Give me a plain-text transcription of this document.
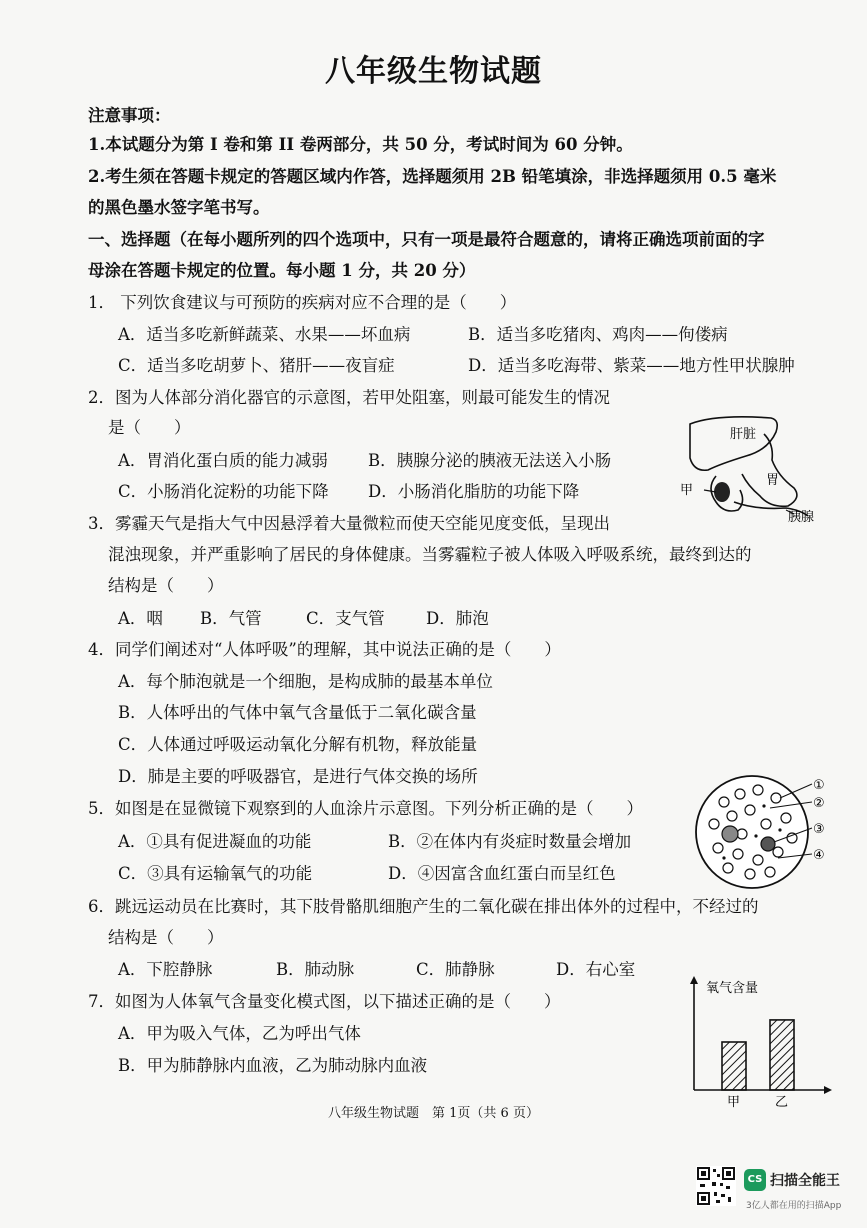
八年级生物试题
注意事项：
1.本试题分为第 I 卷和第 II 卷两部分，共 50 分，考试时间为 60 分钟。
2.考生须在答题卡规定的答题区域内作答，选择题须用 2B 铅笔填涂，非选择题须用 0.5 毫米
的黑色墨水签字笔书写。
一、选择题（在每小题所列的四个选项中，只有一项是最符合题意的，请将正确选项前面的字
母涂在答题卡规定的位置。每小题 1 分，共 20 分）
1． 下列饮食建议与可预防的疾病对应不合理的是（　　）
A．适当多吃新鲜蔬菜、水果——坏血病	B．适当多吃猪肉、鸡肉——佝偻病
C．适当多吃胡萝卜、猪肝——夜盲症	D．适当多吃海带、紫菜——地方性甲状腺肿
2．图为人体部分消化器官的示意图，若甲处阻塞，则最可能发生的情况
是（　　）
A．胃消化蛋白质的能力减弱 B．胰腺分泌的胰液无法送入小肠
C．小肠消化淀粉的功能下降 D．小肠消化脂肪的功能下降
肝脏
胃
甲
胰腺
3．雾霾天气是指大气中因悬浮着大量微粒而使天空能见度变低，呈现出
混浊现象，并严重影响了居民的身体健康。当雾霾粒子被人体吸入呼吸系统，最终到达的
结构是（　　）
A．咽 B．气管	C．支气管	D．肺泡
4．同学们阐述对“人体呼吸”的理解，其中说法正确的是（　　）
A．每个肺泡就是一个细胞，是构成肺的最基本单位
B．人体呼出的气体中氧气含量低于二氧化碳含量
C．人体通过呼吸运动氧化分解有机物，释放能量
D．肺是主要的呼吸器官，是进行气体交换的场所
5．如图是在显微镜下观察到的人血涂片示意图。下列分析正确的是（　　）
A．①具有促进凝血的功能	B．②在体内有炎症时数量会增加
C．③具有运输氧气的功能	D．④因富含血红蛋白而呈红色
①
②
③
④
6．跳远运动员在比赛时，其下肢骨骼肌细胞产生的二氧化碳在排出体外的过程中，不经过的
结构是（　　）
A．下腔静脉	B．肺动脉	C．肺静脉	D．右心室
7．如图为人体氧气含量变化模式图，以下描述正确的是（　　）
A．甲为吸入气体，乙为呼出气体
B．甲为肺静脉内血液，乙为肺动脉内血液
氧气含量
甲	乙
八年级生物试题　第 1页（共 6 页）
CS 扫描全能王
3亿人都在用的扫描App
